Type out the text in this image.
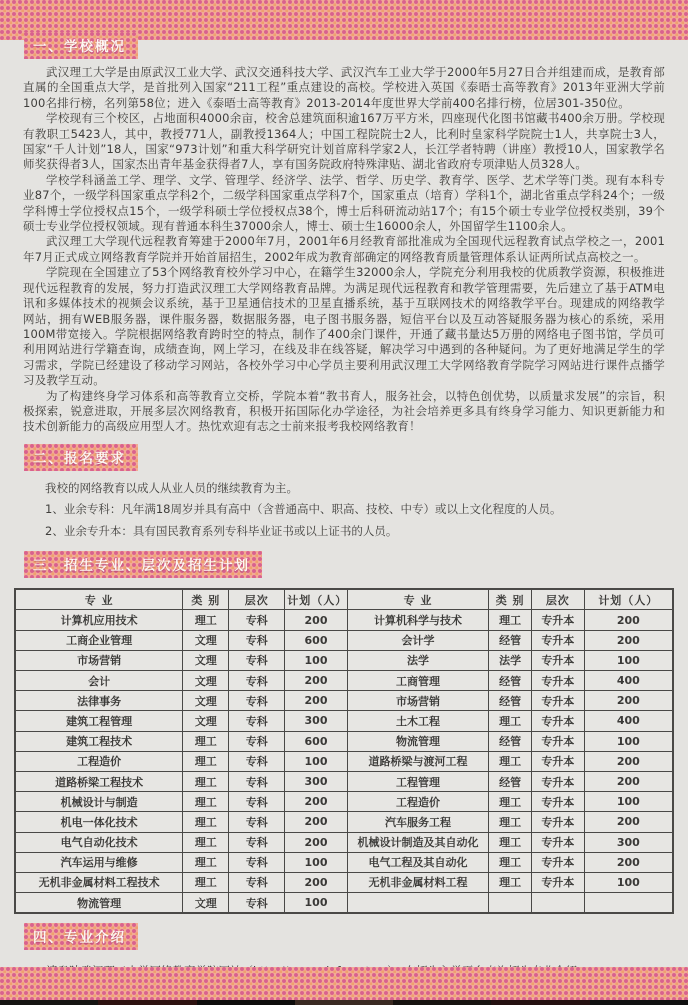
一、学校概况

武汉理工大学是由原武汉工业大学、武汉交通科技大学、武汉汽车工业大学于2000年5月27日合并组建而成，是教育部直属的全国重点大学，是首批列入国家“211工程”重点建设的高校。学校进入英国《泰晤士高等教育》2013年亚洲大学前100名排行榜，名列第58位；进入《泰晤士高等教育》2013-2014年度世界大学前400名排行榜，位居301-350位。

学校现有三个校区，占地面积4000余亩，校舍总建筑面积逾167万平方米，四座现代化图书馆藏书400余万册。学校现有教职工5423人，其中，教授771人，副教授1364人；中国工程院院士2人，比利时皇家科学院院士1人，共享院士3人，国家“千人计划”18人，国家“973计划”和重大科学研究计划首席科学家2人，长江学者特聘（讲座）教授10人，国家教学名师奖获得者3人，国家杰出青年基金获得者7人，享有国务院政府特殊津贴、湖北省政府专项津贴人员328人。

学校学科涵盖工学、理学、文学、管理学、经济学、法学、哲学、历史学、教育学、医学、艺术学等门类。现有本科专业87个，一级学科国家重点学科2个，二级学科国家重点学科7个，国家重点（培育）学科1个，湖北省重点学科24个；一级学科博士学位授权点15个，一级学科硕士学位授权点38个，博士后科研流动站17个；有15个硕士专业学位授权类别，39个硕士专业学位授权领域。现有普通本科生37000余人，博士、硕士生16000余人，外国留学生1100余人。

武汉理工大学现代远程教育筹建于2000年7月，2001年6月经教育部批准成为全国现代远程教育试点学校之一，2001年7月正式成立网络教育学院并开始首届招生，2002年成为教育部确定的网络教育质量管理体系认证两所试点高校之一。

学院现在全国建立了53个网络教育校外学习中心，在籍学生32000余人，学院充分利用我校的优质教学资源，积极推进现代远程教育的发展，努力打造武汉理工大学网络教育品牌。为满足现代远程教育和教学管理需要，先后建立了基于ATM电讯和多媒体技术的视频会议系统，基于卫星通信技术的卫星直播系统，基于互联网技术的网络教学平台。现建成的网络教学网站，拥有WEB服务器，课件服务器，数据服务器，电子图书服务器，短信平台以及互动答疑服务器为核心的系统，采用100M带宽接入。学院根据网络教育跨时空的特点，制作了400余门课件，开通了藏书量达5万册的网络电子图书馆，学员可利用网站进行学籍查询，成绩查询，网上学习，在线及非在线答疑，解决学习中遇到的各种疑问。为了更好地满足学生的学习需求，学院已经建设了移动学习网站，各校外学习中心学员主要利用武汉理工大学网络教育学院学习网站进行课件点播学习及教学互动。

为了构建终身学习体系和高等教育立交桥，学院本着“教书育人，服务社会，以特色创优势，以质量求发展”的宗旨，积极探索，锐意进取，开展多层次网络教育，积极开拓国际化办学途径，为社会培养更多具有终身学习能力、知识更新能力和技术创新能力的高级应用型人才。热忱欢迎有志之士前来报考我校网络教育！

二、报名要求

我校的网络教育以成人从业人员的继续教育为主。

1、业余专科：凡年满18周岁并具有高中（含普通高中、职高、技校、中专）或以上文化程度的人员。

2、业余专升本：具有国民教育系列专科毕业证书或以上证书的人员。

三、招生专业、层次及招生计划
专 业	类 别	层次	计划（人）	专 业	类 别	层次	计划（人）
计算机应用技术	理工	专科	200	计算机科学与技术	理工	专升本	200
工商企业管理	文理	专科	600	会计学	经管	专升本	200
市场营销	文理	专科	100	法学	法学	专升本	100
会计	文理	专科	200	工商管理	经管	专升本	400
法律事务	文理	专科	200	市场营销	经管	专升本	200
建筑工程管理	文理	专科	300	土木工程	理工	专升本	400
建筑工程技术	理工	专科	600	物流管理	经管	专升本	100
工程造价	理工	专科	100	道路桥梁与渡河工程	理工	专升本	200
道路桥梁工程技术	理工	专科	300	工程管理	经管	专升本	200
机械设计与制造	理工	专科	200	工程造价	理工	专升本	100
机电一体化技术	理工	专科	200	汽车服务工程	理工	专升本	200
电气自动化技术	理工	专科	200	机械设计制造及其自动化	理工	专升本	300
汽车运用与维修	理工	专科	100	电气工程及其自动化	理工	专升本	200
无机非金属材料工程技术	理工	专科	200	无机非金属材料工程	理工	专升本	100
物流管理	文理	专科	100				
四、专业介绍
